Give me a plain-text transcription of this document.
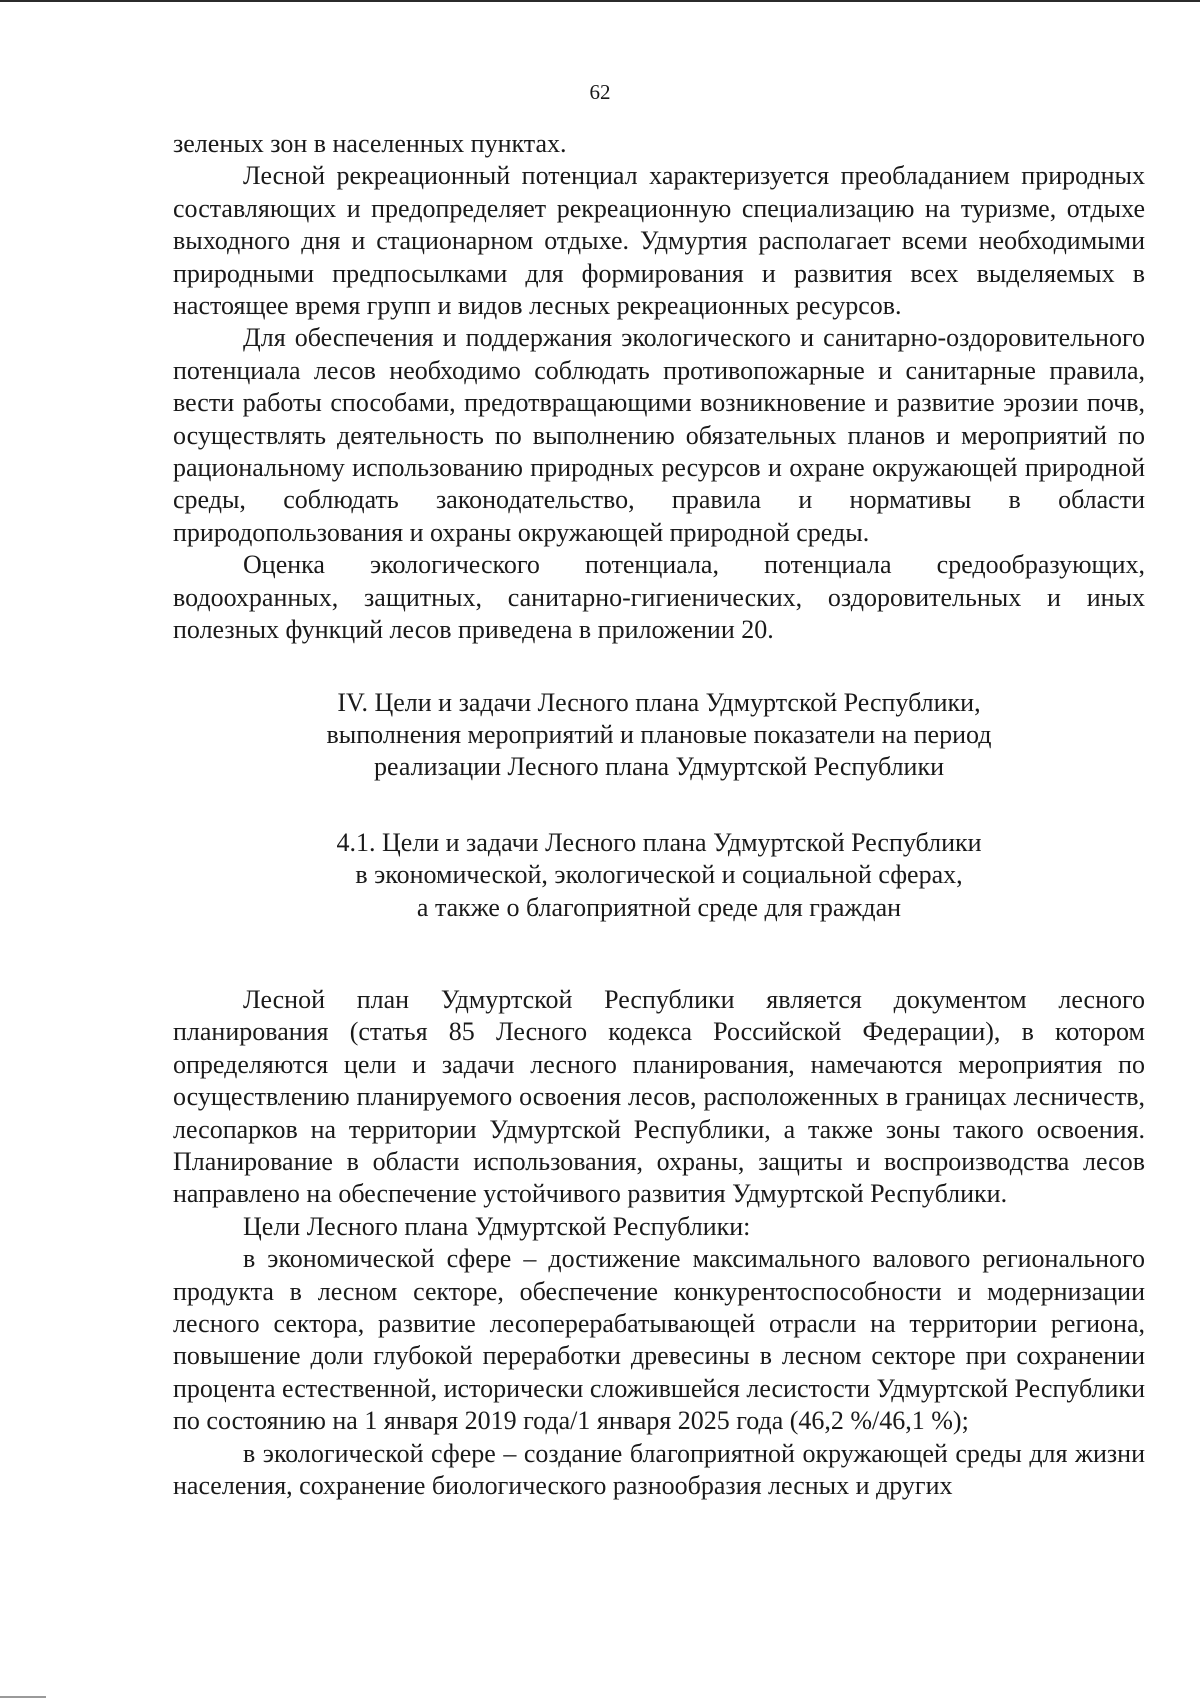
62

зеленых зон в населенных пунктах.

Лесной рекреационный потенциал характеризуется преобладанием природных составляющих и предопределяет рекреационную специализацию на туризме, отдыхе выходного дня и стационарном отдыхе. Удмуртия располагает всеми необходимыми природными предпосылками для формирования и развития всех выделяемых в настоящее время групп и видов лесных рекреационных ресурсов.

Для обеспечения и поддержания экологического и санитарно-оздоровительного потенциала лесов необходимо соблюдать противопожарные и санитарные правила, вести работы способами, предотвращающими возникновение и развитие эрозии почв, осуществлять деятельность по выполнению обязательных планов и мероприятий по рациональному использованию природных ресурсов и охране окружающей природной среды, соблюдать законодательство, правила и нормативы в области природопользования и охраны окружающей природной среды.

Оценка экологического потенциала, потенциала средообразующих, водоохранных, защитных, санитарно-гигиенических, оздоровительных и иных полезных функций лесов приведена в приложении 20.

IV. Цели и задачи Лесного плана Удмуртской Республики,
выполнения мероприятий и плановые показатели на период
реализации Лесного плана Удмуртской Республики
4.1. Цели и задачи Лесного плана Удмуртской Республики
в экономической, экологической и социальной сферах,
а также о благоприятной среде для граждан

Лесной план Удмуртской Республики является документом лесного планирования (статья 85 Лесного кодекса Российской Федерации), в котором определяются цели и задачи лесного планирования, намечаются мероприятия по осуществлению планируемого освоения лесов, расположенных в границах лесничеств, лесопарков на территории Удмуртской Республики, а также зоны такого освоения. Планирование в области использования, охраны, защиты и воспроизводства лесов направлено на обеспечение устойчивого развития Удмуртской Республики.

Цели Лесного плана Удмуртской Республики:

в экономической сфере – достижение максимального валового регионального продукта в лесном секторе, обеспечение конкурентоспособности и модернизации лесного сектора, развитие лесоперерабатывающей отрасли на территории региона, повышение доли глубокой переработки древесины в лесном секторе при сохранении процента естественной, исторически сложившейся лесистости Удмуртской Республики по состоянию на 1 января 2019 года/1 января 2025 года (46,2 %/46,1 %);

в экологической сфере – создание благоприятной окружающей среды для жизни населения, сохранение биологического разнообразия лесных и других
